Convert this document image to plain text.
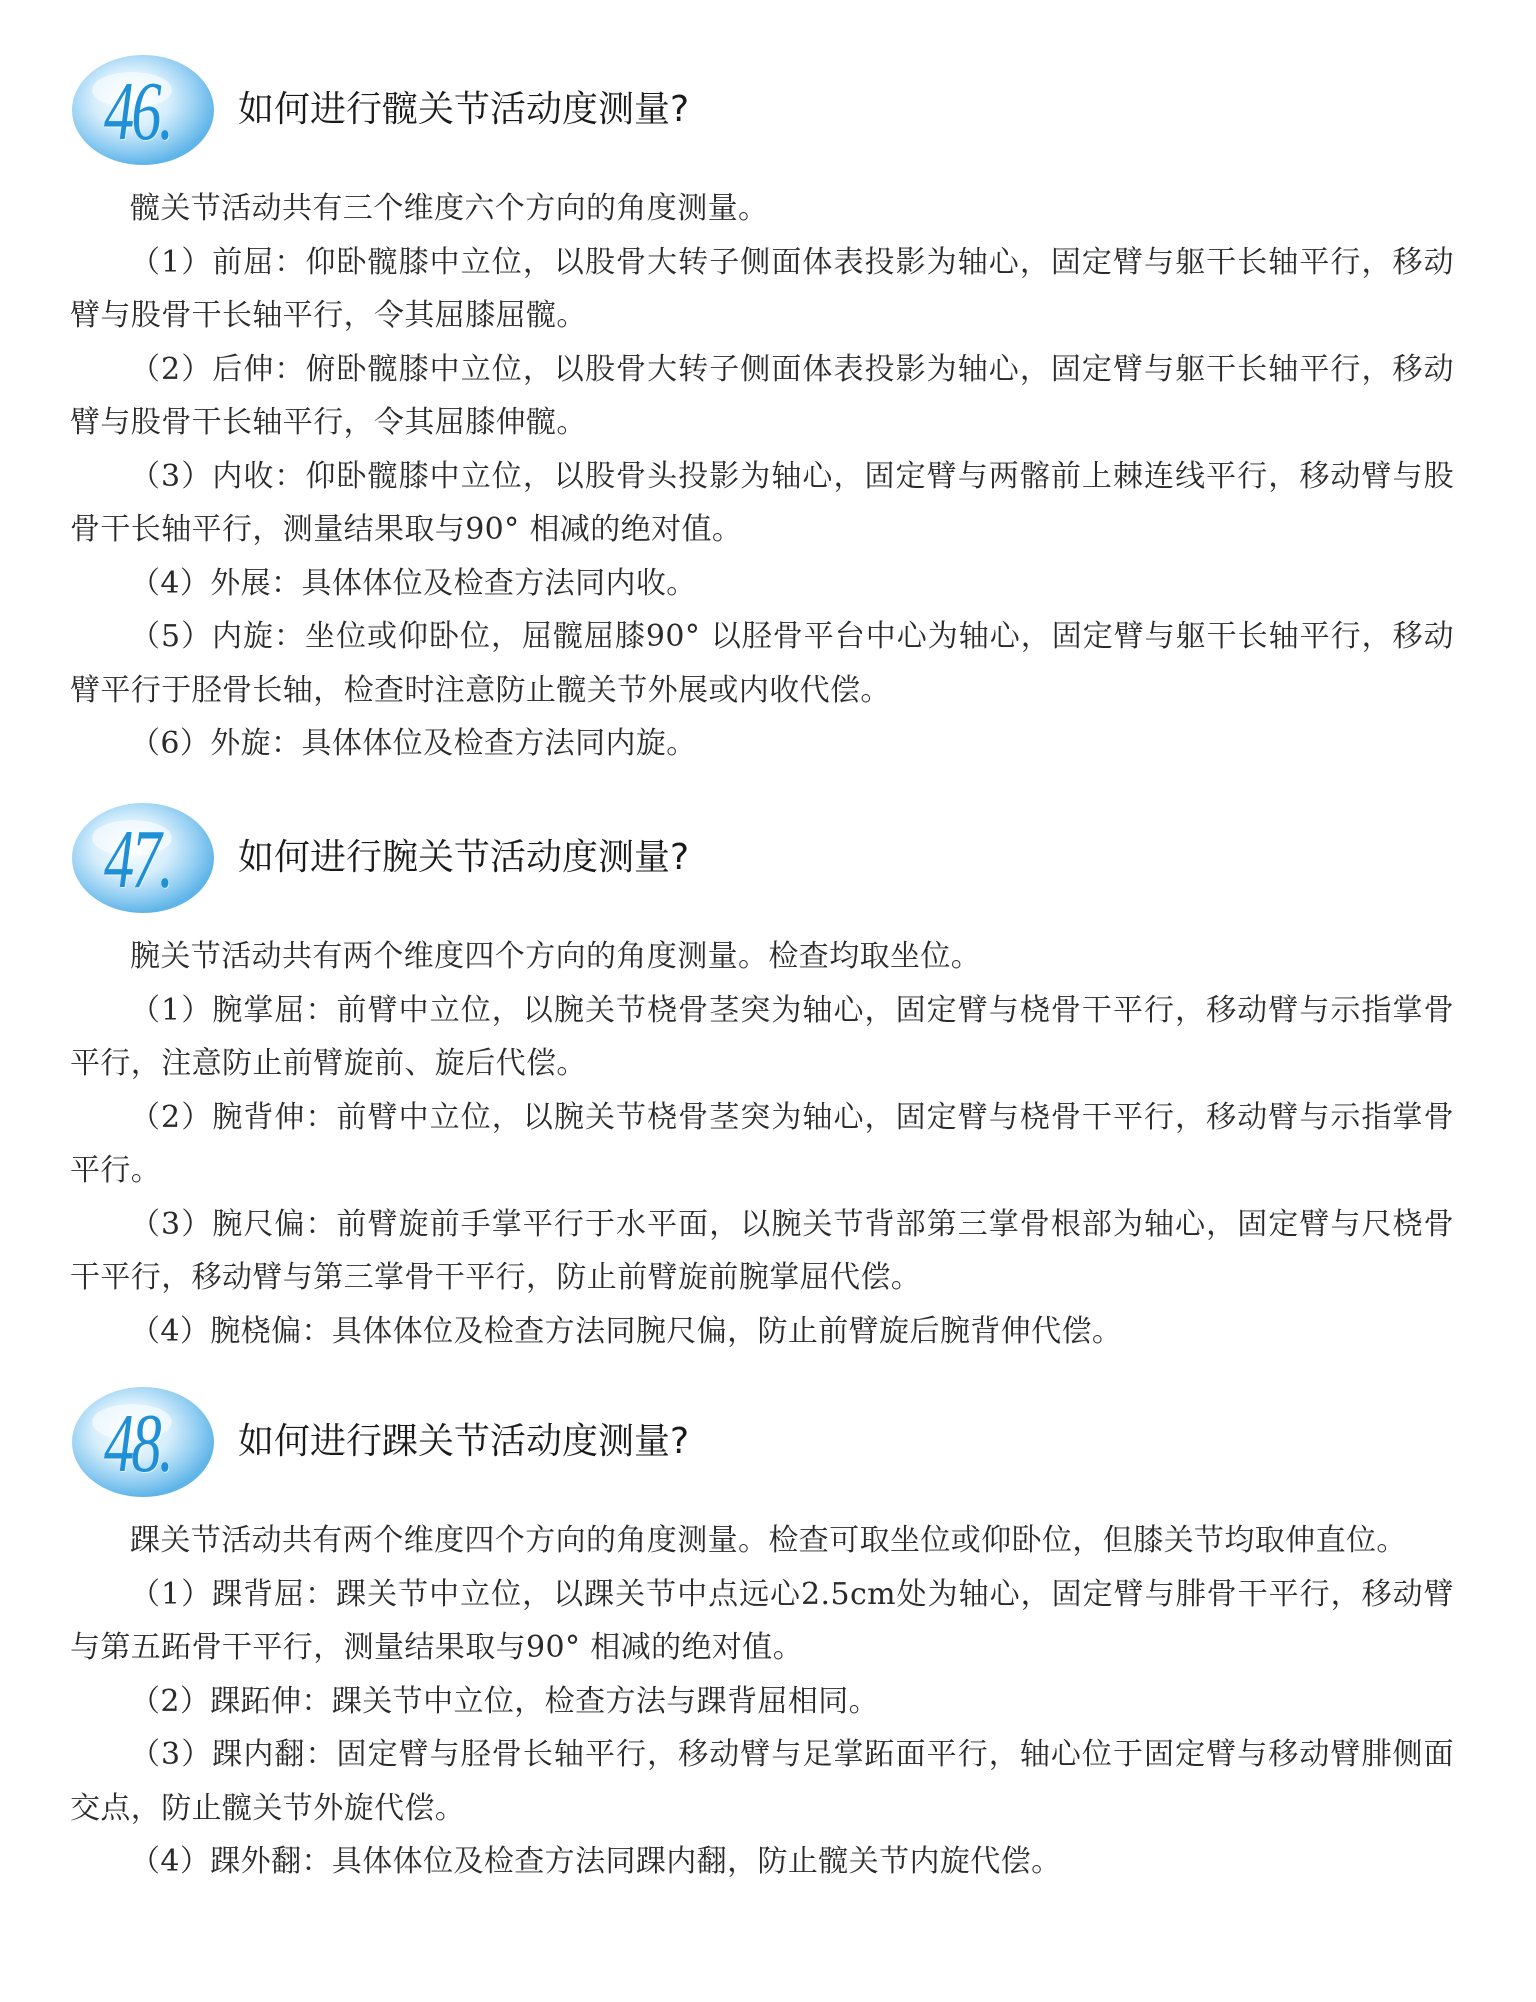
46. 如何进行髋关节活动度测量?

髋关节活动共有三个维度六个方向的角度测量。

（1）前屈：仰卧髋膝中立位，以股骨大转子侧面体表投影为轴心，固定臂与躯干长轴平行，移动臂与股骨干长轴平行，令其屈膝屈髋。

（2）后伸：俯卧髋膝中立位，以股骨大转子侧面体表投影为轴心，固定臂与躯干长轴平行，移动臂与股骨干长轴平行，令其屈膝伸髋。

（3）内收：仰卧髋膝中立位，以股骨头投影为轴心，固定臂与两髂前上棘连线平行，移动臂与股骨干长轴平行，测量结果取与90° 相减的绝对值。

（4）外展：具体体位及检查方法同内收。

（5）内旋：坐位或仰卧位，屈髋屈膝90° 以胫骨平台中心为轴心，固定臂与躯干长轴平行，移动臂平行于胫骨长轴，检查时注意防止髋关节外展或内收代偿。

（6）外旋：具体体位及检查方法同内旋。

47. 如何进行腕关节活动度测量?

腕关节活动共有两个维度四个方向的角度测量。检查均取坐位。

（1）腕掌屈：前臂中立位，以腕关节桡骨茎突为轴心，固定臂与桡骨干平行，移动臂与示指掌骨平行，注意防止前臂旋前、旋后代偿。

（2）腕背伸：前臂中立位，以腕关节桡骨茎突为轴心，固定臂与桡骨干平行，移动臂与示指掌骨平行。

（3）腕尺偏：前臂旋前手掌平行于水平面，以腕关节背部第三掌骨根部为轴心，固定臂与尺桡骨干平行，移动臂与第三掌骨干平行，防止前臂旋前腕掌屈代偿。

（4）腕桡偏：具体体位及检查方法同腕尺偏，防止前臂旋后腕背伸代偿。

48. 如何进行踝关节活动度测量?

踝关节活动共有两个维度四个方向的角度测量。检查可取坐位或仰卧位，但膝关节均取伸直位。

（1）踝背屈：踝关节中立位，以踝关节中点远心2.5cm处为轴心，固定臂与腓骨干平行，移动臂与第五跖骨干平行，测量结果取与90° 相减的绝对值。

（2）踝跖伸：踝关节中立位，检查方法与踝背屈相同。

（3）踝内翻：固定臂与胫骨长轴平行，移动臂与足掌跖面平行，轴心位于固定臂与移动臂腓侧面交点，防止髋关节外旋代偿。

（4）踝外翻：具体体位及检查方法同踝内翻，防止髋关节内旋代偿。
